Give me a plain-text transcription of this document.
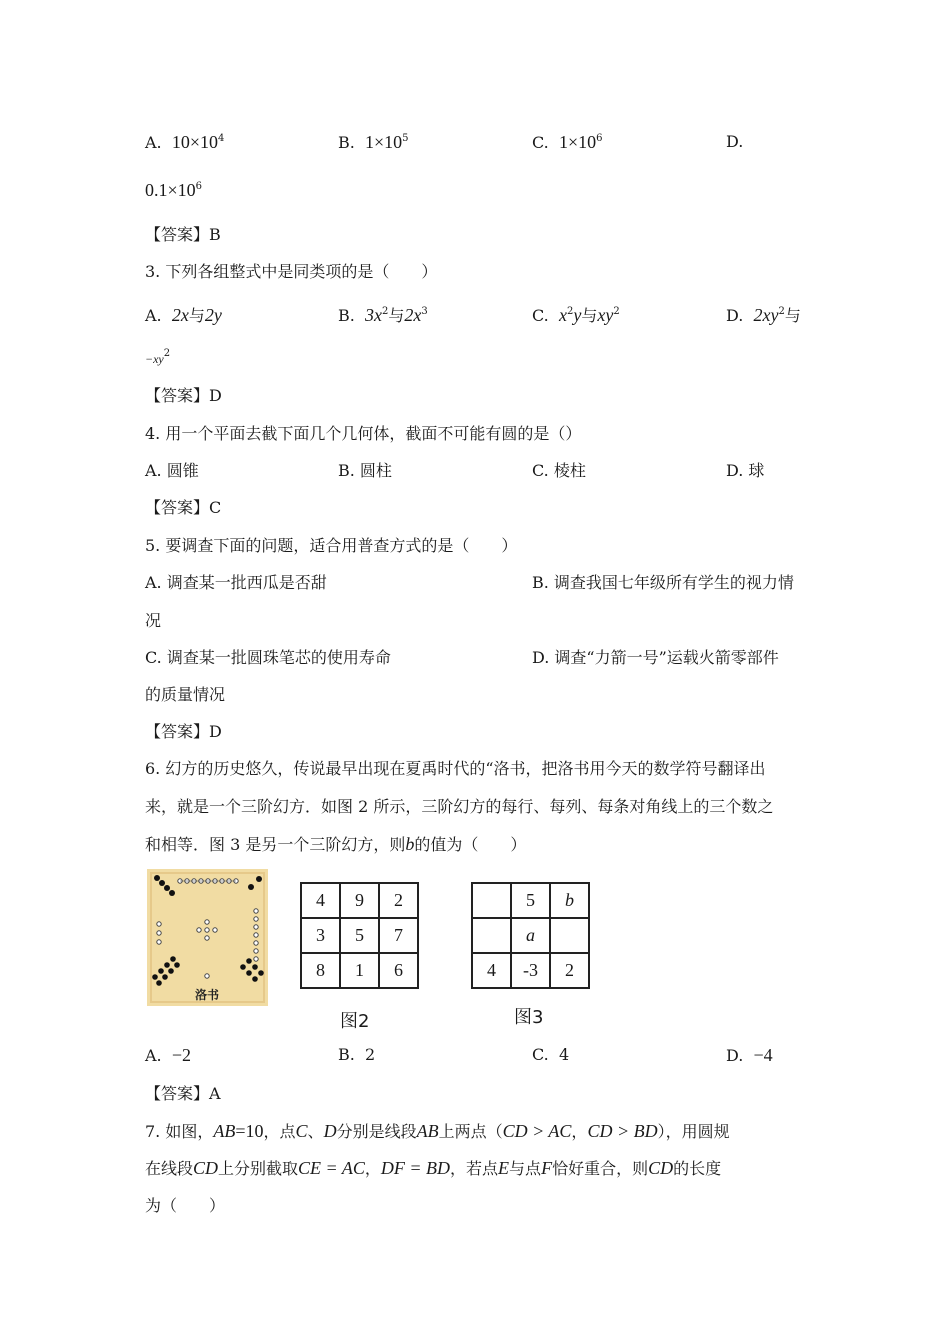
A. $10\times 10^4$	B. $1\times 10^5$	C. $1\times 10^6$	D.
$0.1\times 10^6$
【答案】B
3. 下列各组整式中是同类项的是（　　）
A. 2x与2y	B. $3x^2$与$2x^3$	C. $x^2y$与$xy^2$	D. $2xy^2$与
$-xy^2$
【答案】D
4. 用一个平面去截下面几个几何体，截面不可能有圆的是（）
A. 圆锥	B. 圆柱	C. 棱柱	D. 球
【答案】C
5. 要调查下面的问题，适合用普查方式的是（　　）
A. 调查某一批西瓜是否甜	B. 调查我国七年级所有学生的视力情
况
C. 调查某一批圆珠笔芯的使用寿命	D. 调查“力箭一号”运载火箭零部件
的质量情况
【答案】D
6. 幻方的历史悠久，传说最早出现在夏禹时代的“洛书，把洛书用今天的数学符号翻译出
来，就是一个三阶幻方．如图 2 所示，三阶幻方的每行、每列、每条对角线上的三个数之
和相等．图 3 是另一个三阶幻方，则b的值为（　　）
洛书
4	9	2
3	5	7
8	1	6
图2
	5	b
	a	
4	-3	2
图3
A. −2	B. 2	C. 4	D. −4
【答案】A
7. 如图，AB=10，点C、D分别是线段AB上两点（CD > AC，CD > BD），用圆规
在线段CD上分别截取CE = AC，DF = BD，若点E与点F恰好重合，则CD的长度
为（　　）
